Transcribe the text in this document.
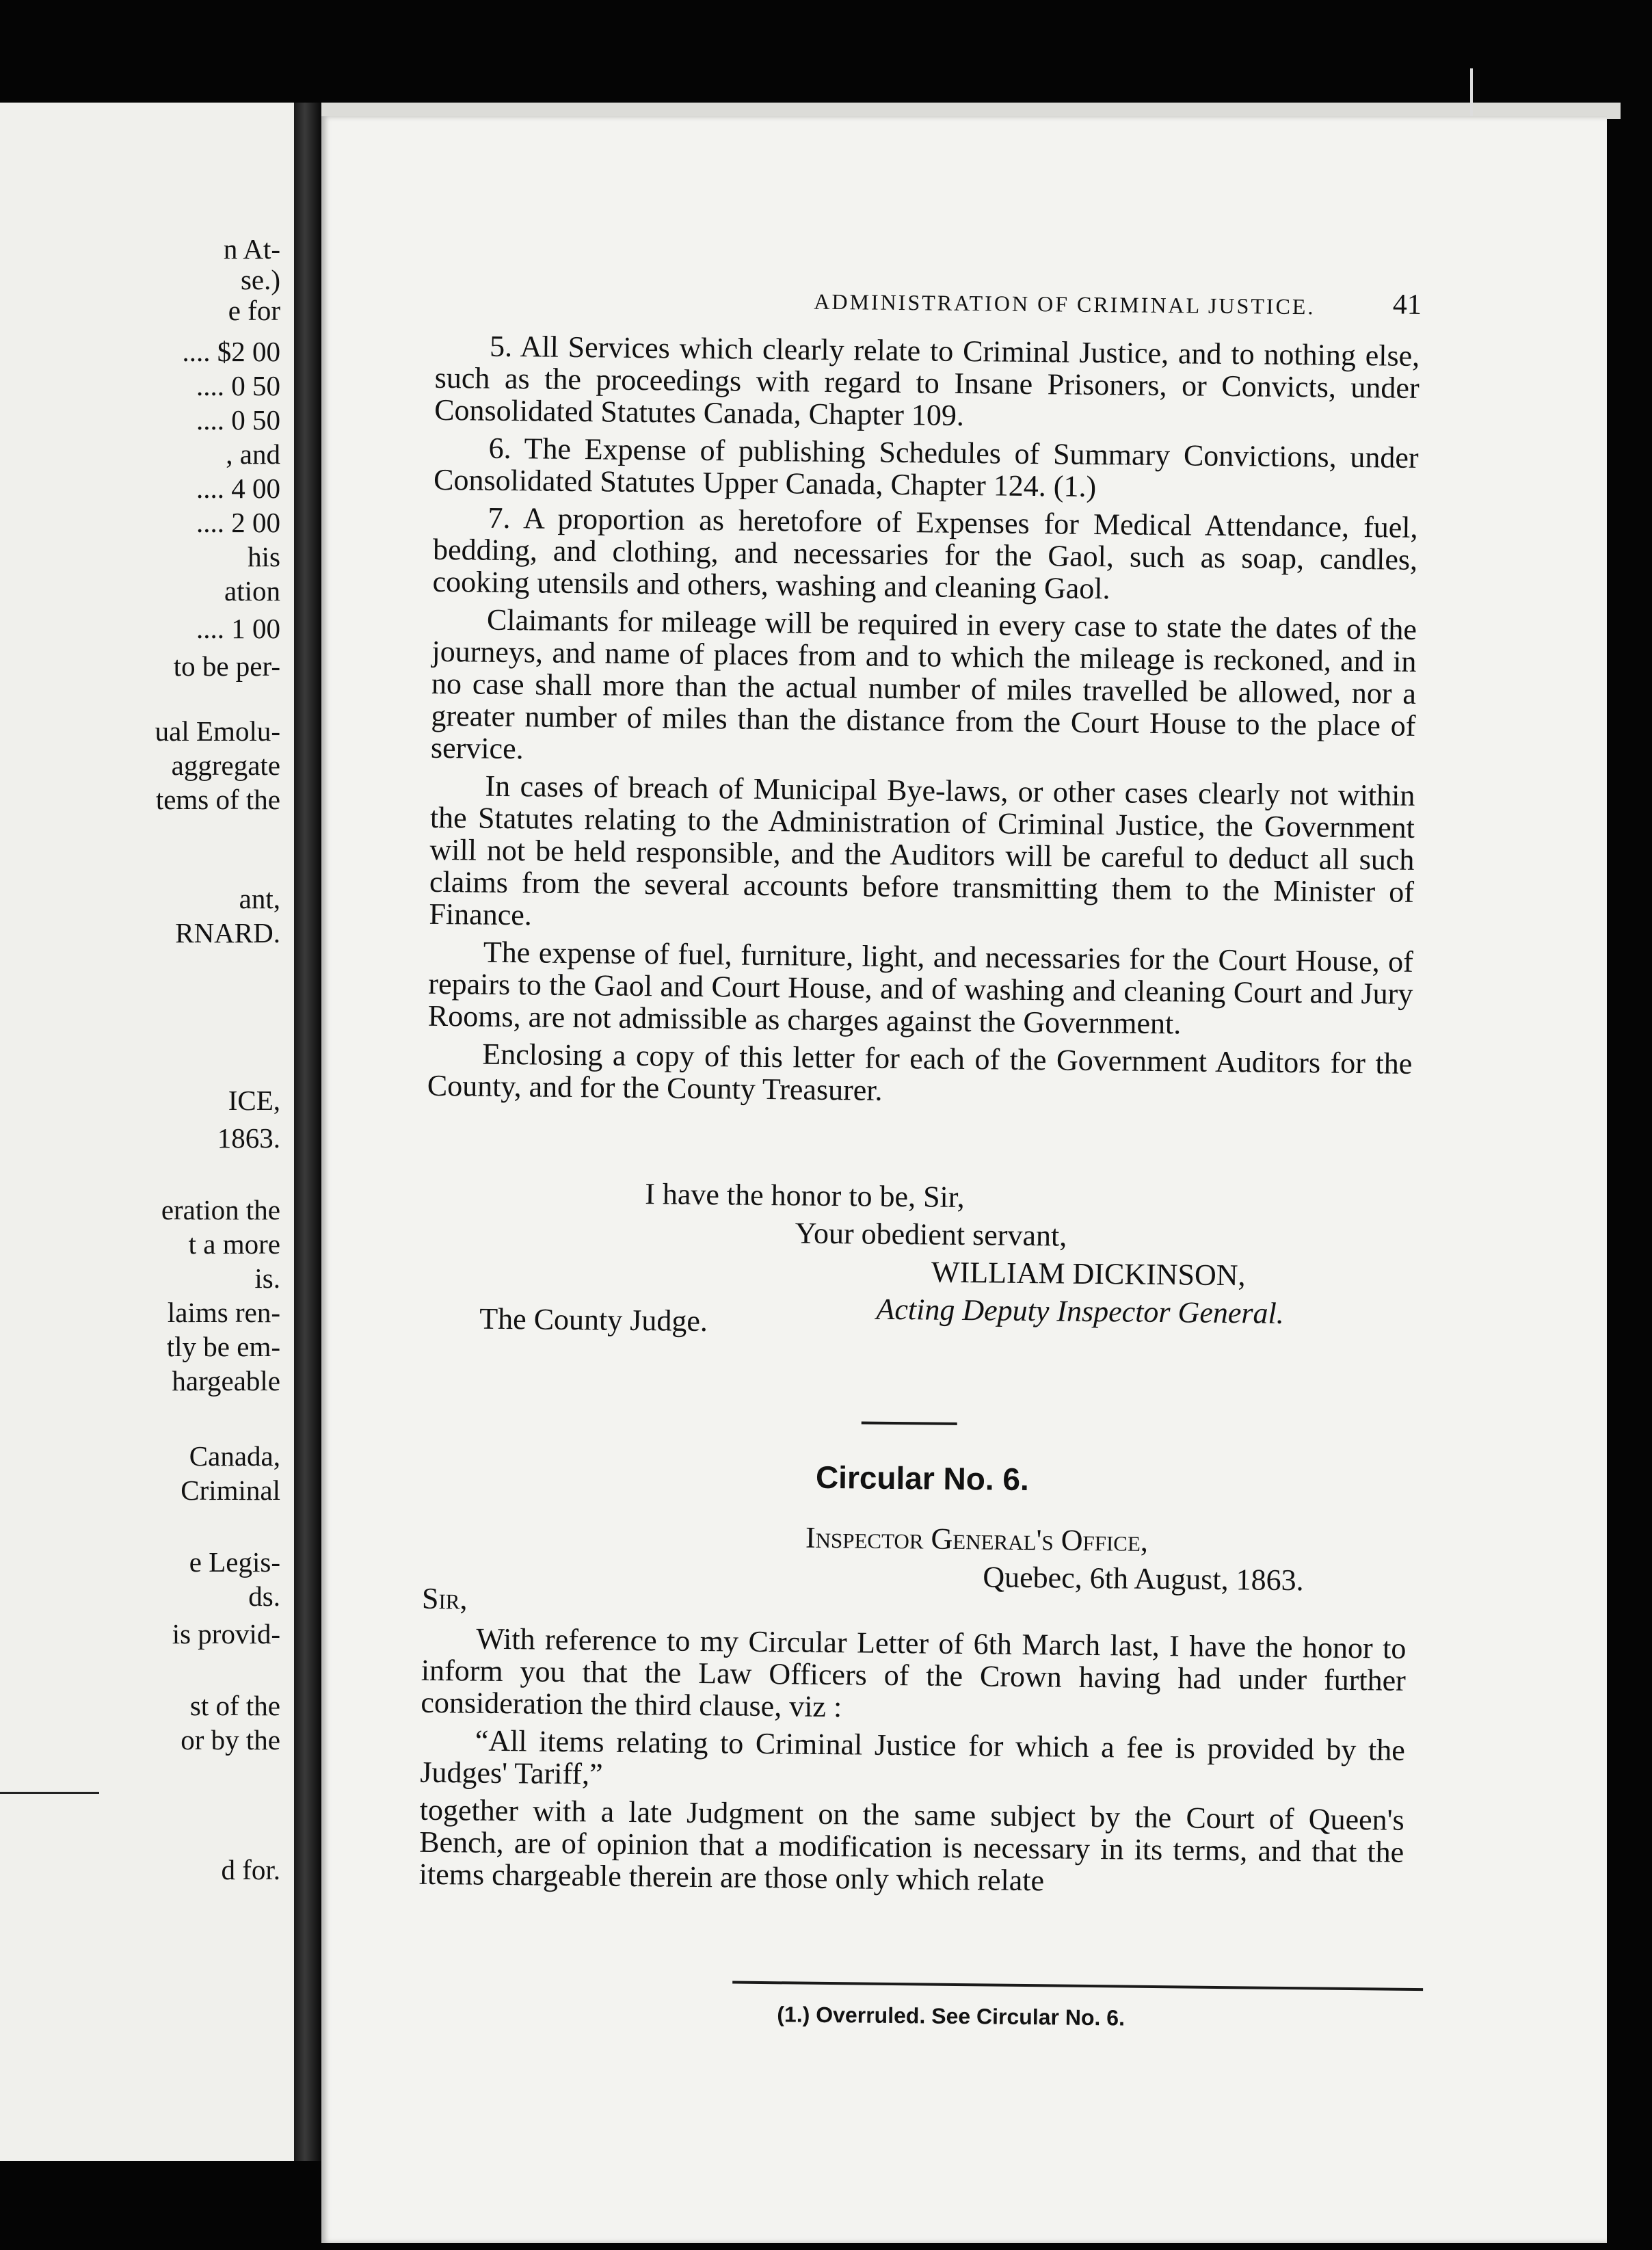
n At-
se.)
e for
.... $2 00
.... 0 50
.... 0 50
, and
.... 4 00
.... 2 00
his
ation
.... 1 00
to be per-
ual Emolu-
aggregate
tems of the
ant,
RNARD.
ICE,
1863.
eration the
t a more
is.
laims ren-
tly be em-
hargeable
Canada,
Criminal
e Legis-
ds.
is provid-
st of the
or by the
d for.
ADMINISTRATION OF CRIMINAL JUSTICE.	41

5. All Services which clearly relate to Criminal Justice, and to nothing else, such as the proceedings with regard to Insane Prisoners, or Convicts, under Consolidated Statutes Canada, Chapter 109.

6. The Expense of publishing Schedules of Summary Convictions, under Consolidated Statutes Upper Canada, Chapter 124. (1.)

7. A proportion as heretofore of Expenses for Medical Attendance, fuel, bedding, and clothing, and necessaries for the Gaol, such as soap, candles, cooking utensils and others, washing and cleaning Gaol.

Claimants for mileage will be required in every case to state the dates of the journeys, and name of places from and to which the mileage is reckoned, and in no case shall more than the actual number of miles travelled be allowed, nor a greater number of miles than the distance from the Court House to the place of service.

In cases of breach of Municipal Bye-laws, or other cases clearly not within the Statutes relating to the Administration of Criminal Justice, the Government will not be held responsible, and the Auditors will be careful to deduct all such claims from the several accounts before transmitting them to the Minister of Finance.

The expense of fuel, furniture, light, and necessaries for the Court House, of repairs to the Gaol and Court House, and of washing and cleaning Court and Jury Rooms, are not admissible as charges against the Government.

Enclosing a copy of this letter for each of the Government Auditors for the County, and for the County Treasurer.

I have the honor to be, Sir,
Your obedient servant,
WILLIAM DICKINSON,
Acting Deputy Inspector General.
The County Judge.
Circular No. 6.
Inspector General's Office,
Quebec, 6th August, 1863.
Sir,

With reference to my Circular Letter of 6th March last, I have the honor to inform you that the Law Officers of the Crown having had under further consideration the third clause, viz :

“All items relating to Criminal Justice for which a fee is provided by the Judges' Tariff,”

together with a late Judgment on the same subject by the Court of Queen's Bench, are of opinion that a modification is necessary in its terms, and that the items chargeable therein are those only which relate

(1.) Overruled. See Circular No. 6.
